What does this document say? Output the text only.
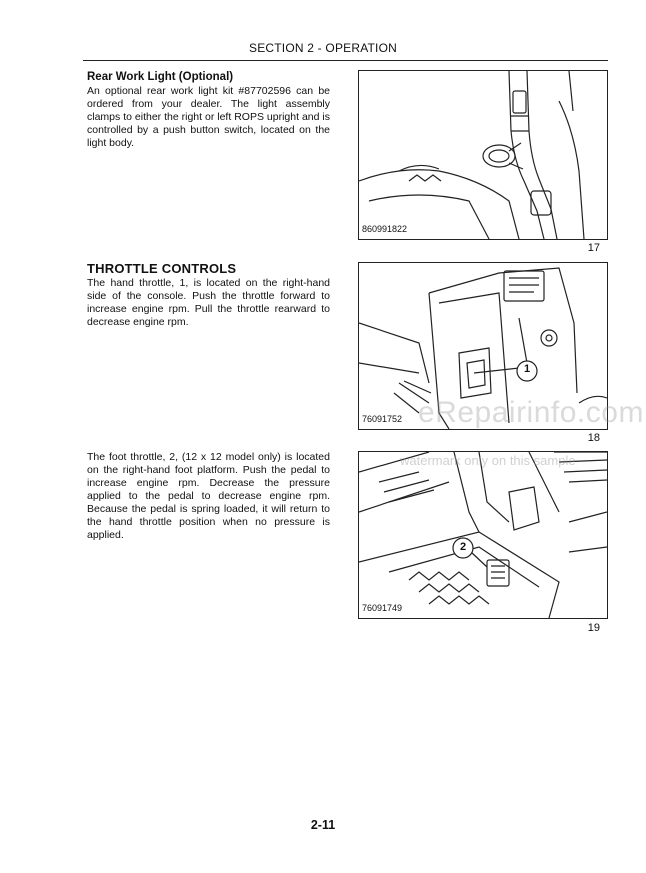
SECTION 2 - OPERATION
Rear Work Light (Optional)
An optional rear work light kit #87702596 can be ordered from your dealer. The light assembly clamps to either the right or left ROPS upright and is controlled by a push button switch, located on the light body.
860991822
17
THROTTLE CONTROLS
The hand throttle, 1, is located on the right-hand side of the console. Push the throttle forward to increase engine rpm. Pull the throttle rearward to decrease engine rpm.
1
76091752
18
The foot throttle, 2, (12 x 12 model only) is located on the right-hand foot platform. Push the pedal to increase engine rpm. Decrease the pressure applied to the pedal to decrease engine rpm. Because the pedal is spring loaded, it will return to the hand throttle position when no pressure is applied.
2
76091749
19
eRepairinfo.com
watermark only on this sample
2-11
